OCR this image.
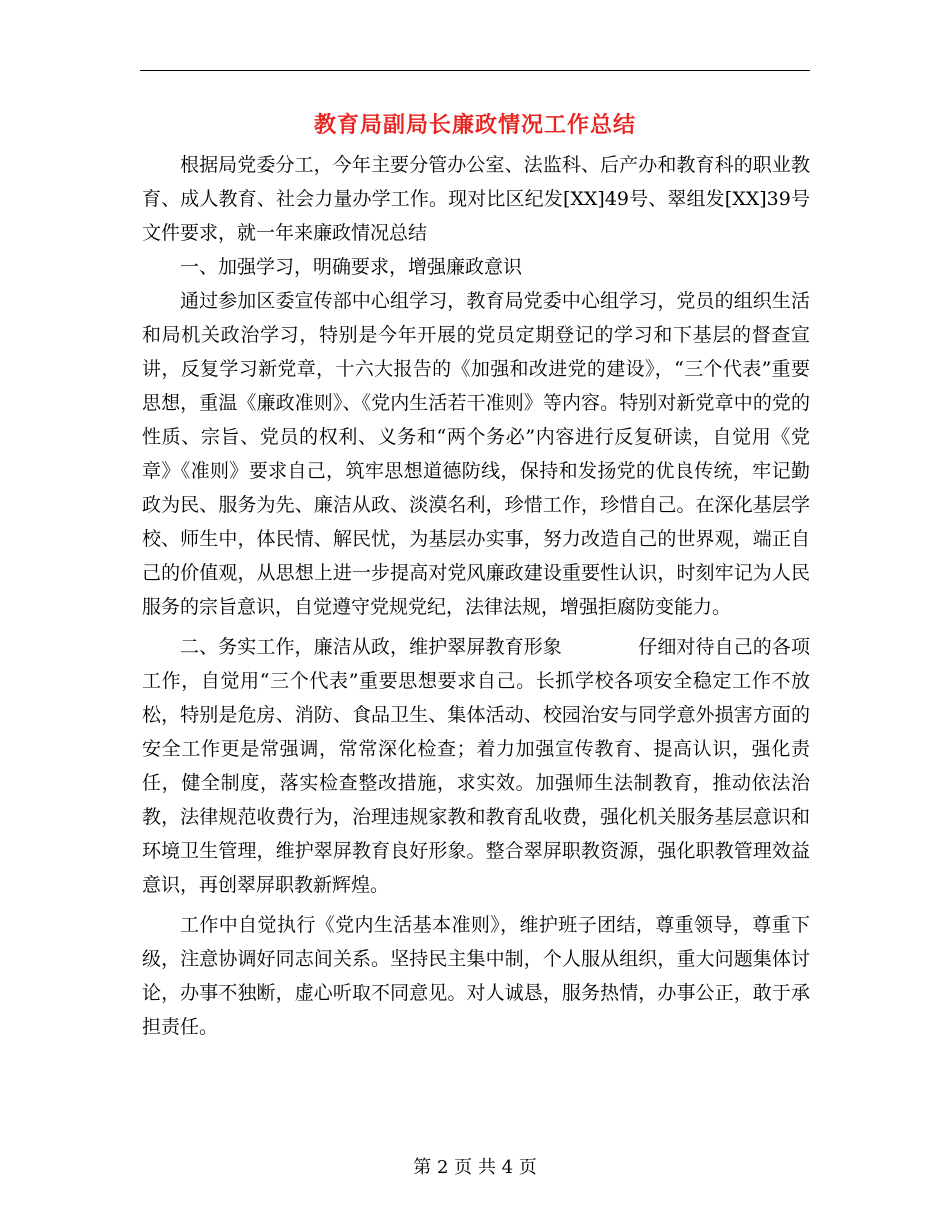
教育局副局长廉政情况工作总结

根据局党委分工，今年主要分管办公室、法监科、后产办和教育科的职业教育、成人教育、社会力量办学工作。现对比区纪发[XX]49号、翠组发[XX]39号文件要求，就一年来廉政情况总结

一、加强学习，明确要求，增强廉政意识

通过参加区委宣传部中心组学习，教育局党委中心组学习，党员的组织生活和局机关政治学习，特别是今年开展的党员定期登记的学习和下基层的督查宣讲，反复学习新党章，十六大报告的《加强和改进党的建设》，“三个代表”重要思想，重温《廉政准则》、《党内生活若干准则》等内容。特别对新党章中的党的性质、宗旨、党员的权利、义务和“两个务必”内容进行反复研读，自觉用《党章》《准则》要求自己，筑牢思想道德防线，保持和发扬党的优良传统，牢记勤政为民、服务为先、廉洁从政、淡漠名利，珍惜工作，珍惜自己。在深化基层学校、师生中，体民情、解民忧，为基层办实事，努力改造自己的世界观，端正自己的价值观，从思想上进一步提高对党风廉政建设重要性认识，时刻牢记为人民服务的宗旨意识，自觉遵守党规党纪，法律法规，增强拒腐防变能力。

二、务实工作，廉洁从政，维护翠屏教育形象　　　　仔细对待自己的各项工作，自觉用“三个代表”重要思想要求自己。长抓学校各项安全稳定工作不放松，特别是危房、消防、食品卫生、集体活动、校园治安与同学意外损害方面的安全工作更是常强调，常常深化检查；着力加强宣传教育、提高认识，强化责任，健全制度，落实检查整改措施，求实效。加强师生法制教育，推动依法治教，法律规范收费行为，治理违规家教和教育乱收费，强化机关服务基层意识和环境卫生管理，维护翠屏教育良好形象。整合翠屏职教资源，强化职教管理效益意识，再创翠屏职教新辉煌。

工作中自觉执行《党内生活基本准则》，维护班子团结，尊重领导，尊重下级，注意协调好同志间关系。坚持民主集中制，个人服从组织，重大问题集体讨论，办事不独断，虚心听取不同意见。对人诚恳，服务热情，办事公正，敢于承担责任。

第 2 页 共 4 页
